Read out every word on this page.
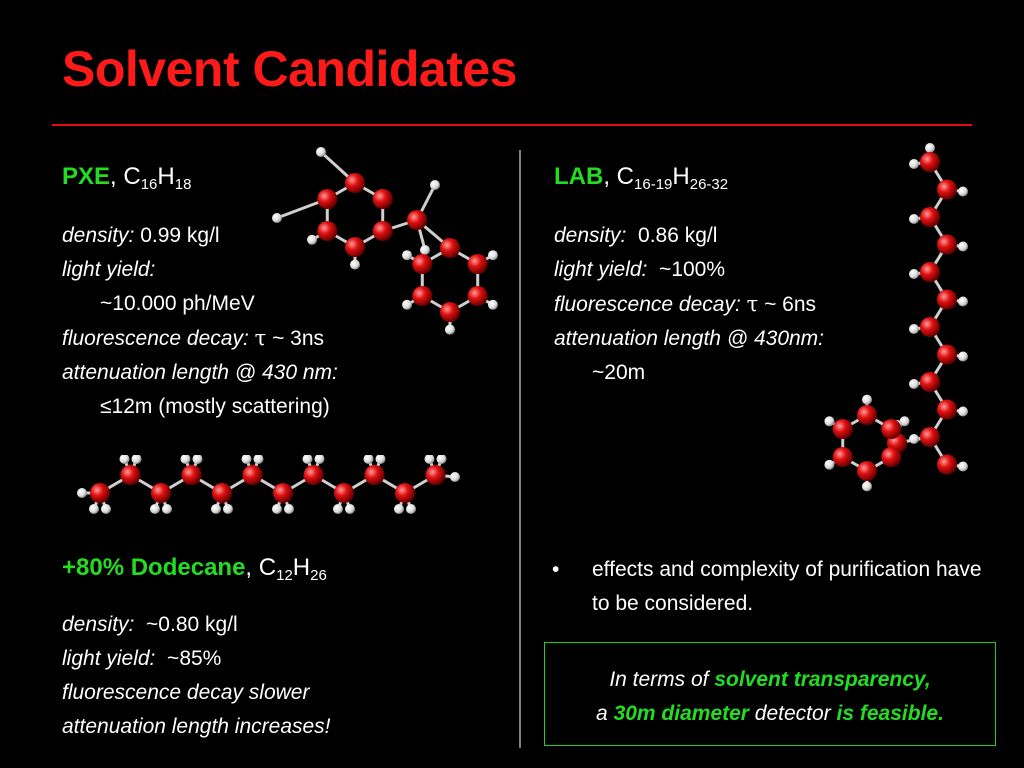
Solvent Candidates
PXE, $C_{16}H_{18}$
density: 0.99 kg/l
light yield:
~10.000 ph/MeV
fluorescence decay: τ ~ 3ns
attenuation length @ 430 nm:
≤12m (mostly scattering)
+80% Dodecane, $C_{12}H_{26}$
density:  ~0.80 kg/l
light yield:  ~85%
fluorescence decay slower
attenuation length increases!
LAB, $C_{16-19}H_{26-32}$
density:  0.86 kg/l
light yield:  ~100%
fluorescence decay: τ ~ 6ns
attenuation length @ 430nm:
~20m
•	effects and complexity of purification have to be considered.
In terms of solvent transparency,
a 30m diameter detector is feasible.
